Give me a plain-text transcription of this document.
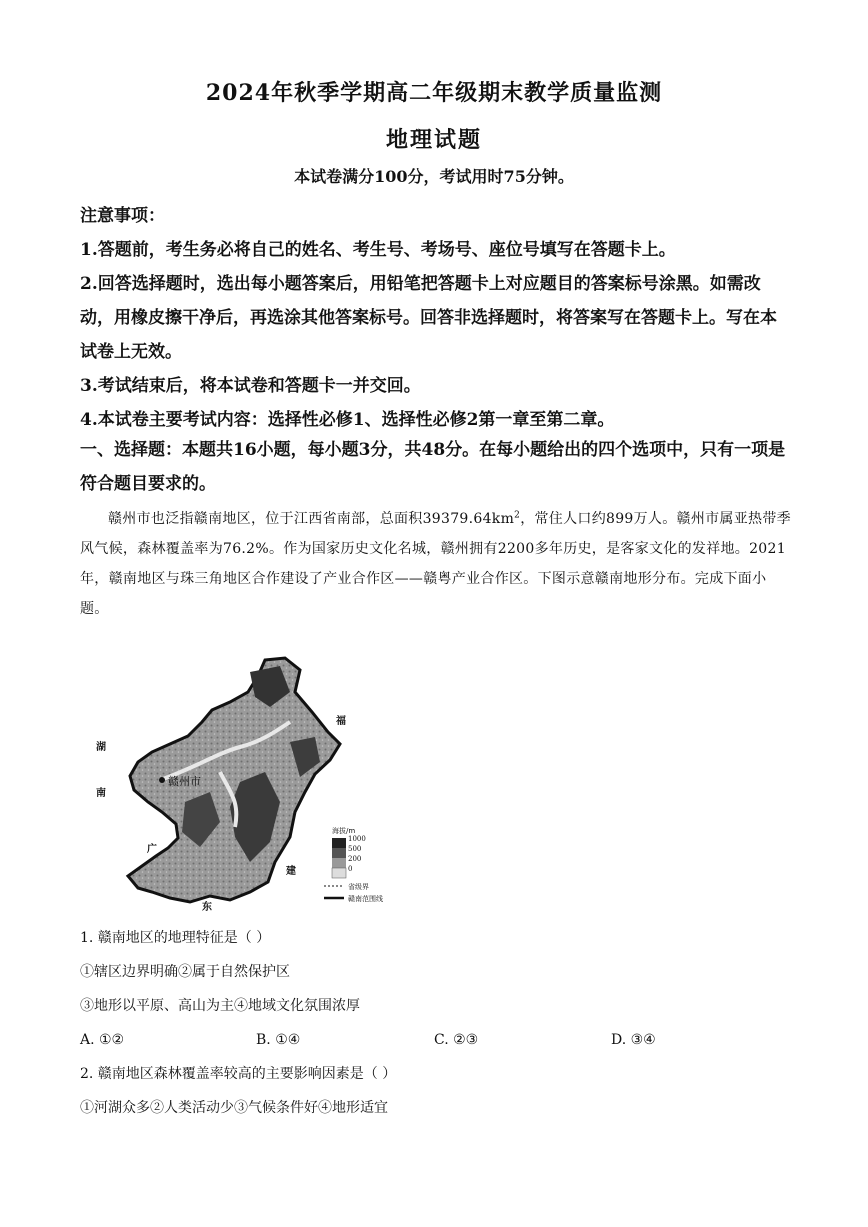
2024年秋季学期高二年级期末教学质量监测
地理试题
本试卷满分100分，考试用时75分钟。

注意事项：

1.答题前，考生务必将自己的姓名、考生号、考场号、座位号填写在答题卡上。

2.回答选择题时，选出每小题答案后，用铅笔把答题卡上对应题目的答案标号涂黑。如需改动，用橡皮擦干净后，再选涂其他答案标号。回答非选择题时，将答案写在答题卡上。写在本试卷上无效。

3.考试结束后，将本试卷和答题卡一并交回。

4.本试卷主要考试内容：选择性必修1、选择性必修2第一章至第二章。

一、选择题：本题共16小题，每小题3分，共48分。在每小题给出的四个选项中，只有一项是符合题目要求的。
赣州市也泛指赣南地区，位于江西省南部，总面积$39379.64km^2$，常住人口约899万人。赣州市属亚热带季风气候，森林覆盖率为76.2%。作为国家历史文化名城，赣州拥有2200多年历史，是客家文化的发祥地。2021年，赣南地区与珠三角地区合作建设了产业合作区——赣粤产业合作区。下图示意赣南地形分布。完成下面小题。
赣州市
湖
南
广
东
福
建
海拔/m
1000
500
200
0
省级界
赣南范围线
1. 赣南地区的地理特征是（ ）
①辖区边界明确②属于自然保护区
③地形以平原、高山为主④地域文化氛围浓厚
A. ①②	B. ①④	C. ②③	D. ③④
2. 赣南地区森林覆盖率较高的主要影响因素是（ ）
①河湖众多②人类活动少③气候条件好④地形适宜
